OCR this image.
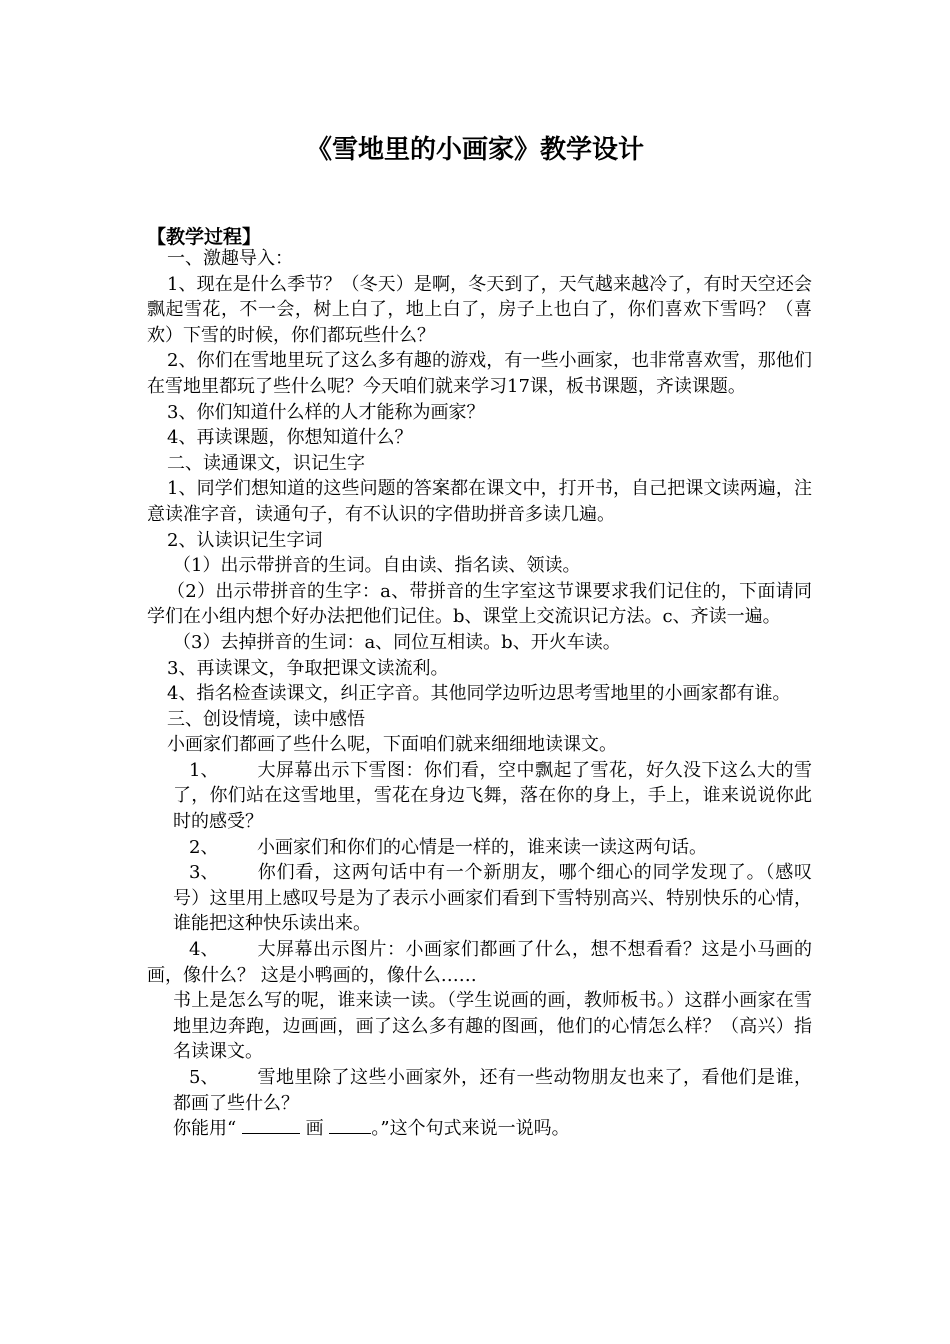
《雪地里的小画家》教学设计
【教学过程】

一、激趣导入：

1、现在是什么季节？（冬天）是啊，冬天到了，天气越来越冷了，有时天空还会飘起雪花，不一会，树上白了，地上白了，房子上也白了，你们喜欢下雪吗？（喜欢）下雪的时候，你们都玩些什么？

2、你们在雪地里玩了这么多有趣的游戏，有一些小画家，也非常喜欢雪，那他们在雪地里都玩了些什么呢？今天咱们就来学习17课，板书课题，齐读课题。

3、你们知道什么样的人才能称为画家？

4、再读课题，你想知道什么？

二、读通课文，识记生字

1、同学们想知道的这些问题的答案都在课文中，打开书，自己把课文读两遍，注意读准字音，读通句子，有不认识的字借助拼音多读几遍。

2、认读识记生字词

（1）出示带拼音的生词。自由读、指名读、领读。

（2）出示带拼音的生字：a、带拼音的生字室这节课要求我们记住的，下面请同学们在小组内想个好办法把他们记住。b、课堂上交流识记方法。c、齐读一遍。

（3）去掉拼音的生词：a、同位互相读。b、开火车读。

3、再读课文，争取把课文读流利。

4、指名检查读课文，纠正字音。其他同学边听边思考雪地里的小画家都有谁。

三、创设情境，读中感悟

小画家们都画了些什么呢，下面咱们就来细细地读课文。

1、 大屏幕出示下雪图：你们看，空中飘起了雪花，好久没下这么大的雪了，你们站在这雪地里，雪花在身边飞舞，落在你的身上，手上，谁来说说你此时的感受？

2、 小画家们和你们的心情是一样的，谁来读一读这两句话。

3、 你们看，这两句话中有一个新朋友，哪个细心的同学发现了。（感叹号）这里用上感叹号是为了表示小画家们看到下雪特别高兴、特别快乐的心情，谁能把这种快乐读出来。

4、 大屏幕出示图片：小画家们都画了什么，想不想看看？这是小马画的画，像什么？ 这是小鸭画的，像什么……

书上是怎么写的呢，谁来读一读。（学生说画的画，教师板书。）这群小画家在雪地里边奔跑，边画画，画了这么多有趣的图画，他们的心情怎么样？（高兴）指名读课文。

5、 雪地里除了这些小画家外，还有一些动物朋友也来了，看他们是谁，都画了些什么？

你能用“	画	。”这个句式来说一说吗。
